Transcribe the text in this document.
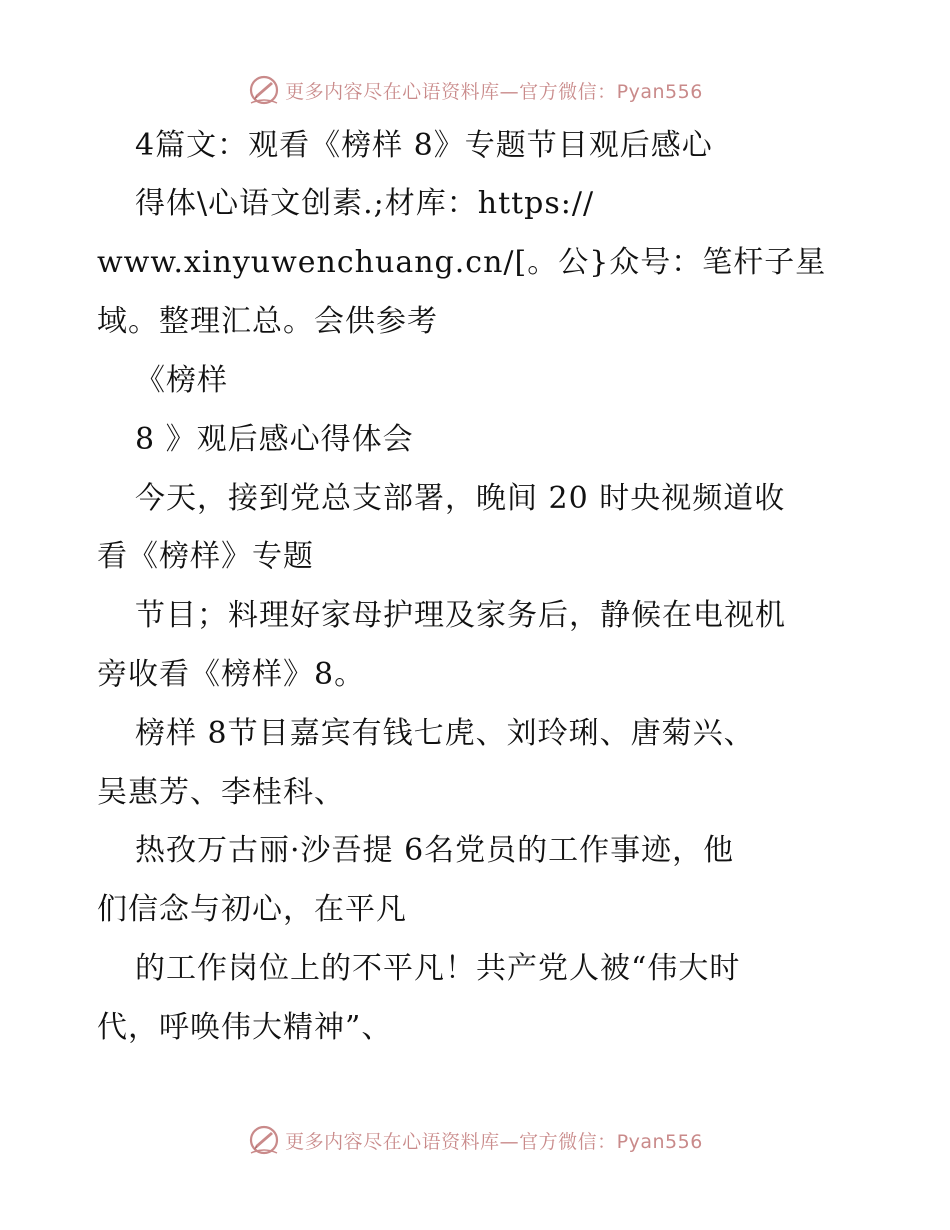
更多内容尽在心语资料库—官方微信：Pyan556
4篇文：观看《榜样 8》专题节目观后感心
得体\心语文创素.;材库：https://
www.xinyuwenchuang.cn/[。公}众号：笔杆子星
域。整理汇总。会供参考
《榜样
8 》观后感心得体会
今天，接到党总支部署，晚间 20 时央视频道收
看《榜样》专题
节目；料理好家母护理及家务后，静候在电视机
旁收看《榜样》8。
榜样 8节目嘉宾有钱七虎、刘玲琍、唐菊兴、
吴惠芳、李桂科、
热孜万古丽·沙吾提 6名党员的工作事迹，他
们信念与初心，在平凡
的工作岗位上的不平凡！共产党人被“伟大时
代，呼唤伟大精神”、
更多内容尽在心语资料库—官方微信：Pyan556
